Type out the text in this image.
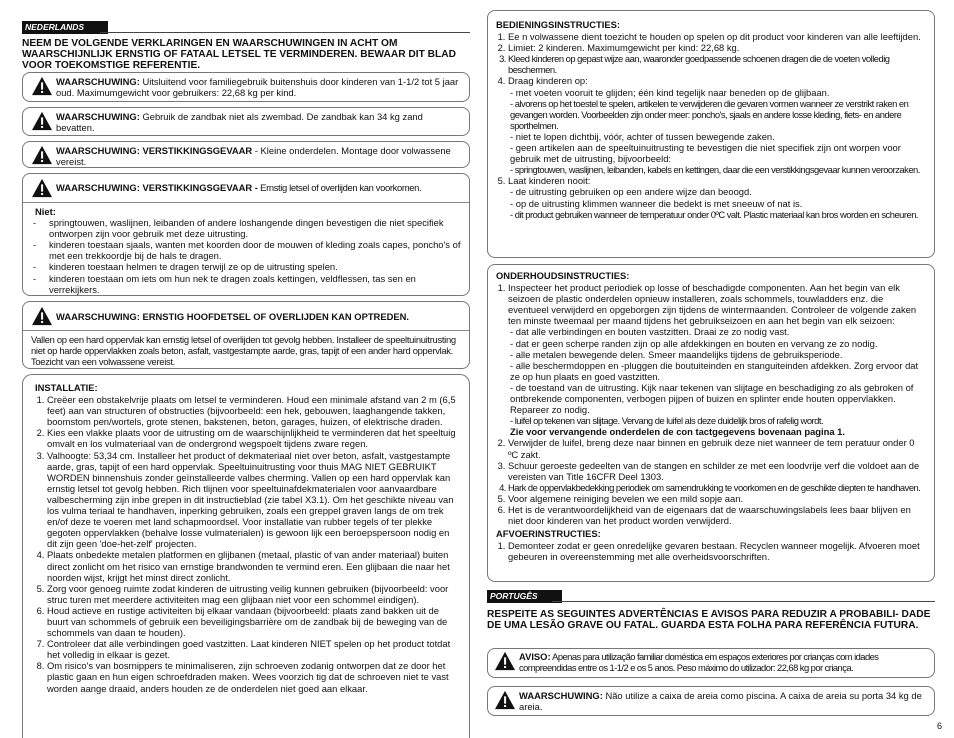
NEDERLANDS

NEEM DE VOLGENDE VERKLARINGEN EN WAARSCHUWINGEN IN ACHT OM WAARSCHIJNLIJK ERNSTIG OF FATAAL LETSEL TE VERMINDEREN. BEWAAR DIT BLAD VOOR TOEKOMSTIGE REFERENTIE.

WAARSCHUWING: Uitsluitend voor familiegebruik buitenshuis door kinderen van 1-1/2 tot 5 jaar oud. Maximumgewicht voor gebruikers: 22,68 kg per kind.
WAARSCHUWING: Gebruik de zandbak niet als zwembad. De zandbak kan 34 kg zand bevatten.
WAARSCHUWING: VERSTIKKINGSGEVAAR - Kleine onderdelen. Montage door volwassene vereist.
WAARSCHUWING: VERSTIKKINGSGEVAAR - Ernstig letsel of overlijden kan voorkomen.
Niet:
- springtouwen, waslijnen, leibanden of andere loshangende dingen bevestigen die niet specifiek ontworpen zijn voor gebruik met deze uitrusting.
- kinderen toestaan sjaals, wanten met koorden door de mouwen of kleding zoals capes, poncho's of met een trekkoordje bij de hals te dragen.
- kinderen toestaan helmen te dragen terwijl ze op de uitrusting spelen.
- kinderen toestaan om iets om hun nek te dragen zoals kettingen, veldflessen, tas sen en verrekijkers.
WAARSCHUWING: ERNSTIG HOOFDETSEL OF OVERLIJDEN KAN OPTREDEN.
Vallen op een hard oppervlak kan ernstig letsel of overlijden tot gevolg hebben. Installeer de speeltuinuitrusting niet op harde oppervlakken zoals beton, asfalt, vastgestampte aarde, gras, tapijt of een ander hard oppervlak. Toezicht van een volwassene vereist.
INSTALLATIE:
1. Creëer een obstakelvrije plaats om letsel te verminderen. Houd een minimale afstand van 2 m (6,5 feet) aan van structuren of obstructies (bijvoorbeeld: een hek, gebouwen, laaghangende takken, boomstom pen/wortels, grote stenen, bakstenen, beton, garages, huizen, of elektrische draden.
2. Kies een vlakke plaats voor de uitrusting om de waarschijnlijkheid te verminderen dat het speeltuig omvalt en los vulmateriaal van de ondergrond wegspoelt tijdens zware regen.
3. Valhoogte: 53,34 cm. Installeer het product of dekmateriaal niet over beton, asfalt, vastgestampte aarde, gras, tapijt of een hard oppervlak. Speeltuinuitrusting voor thuis MAG NIET GEBRUIKT WORDEN binnenshuis zonder geïnstalleerde valbes cherming. Vallen op een hard oppervlak kan ernstig letsel tot gevolg hebben. Rich tlijnen voor speeltuinafdekmaterialen voor aanvaardbare valbescherming zijn inbe grepen in dit instructieblad (zie tabel X3.1). Om het geschikte niveau van los vulma teriaal te handhaven, inperking gebruiken, zoals een greppel graven langs de om trek en/of deze te voeren met land schapmoordsel. Voor installatie van rubber tegels of ter plekke gegoten oppervlakken (behalve losse vulmaterialen) is gewoon lijk een beroepspersoon nodig en dit zijn geen 'doe-het-zelf' projecten.
4. Plaats onbedekte metalen platformen en glijbanen (metaal, plastic of van ander materiaal) buiten direct zonlicht om het risico van ernstige brandwonden te vermind eren. Een glijbaan die naar het noorden wijst, krijgt het minst direct zonlicht.
5. Zorg voor genoeg ruimte zodat kinderen de uitrusting veilig kunnen gebruiken (bijvoorbeeld: voor struc turen met meerdere activiteiten mag een glijbaan niet voor een schommel eindigen).
6. Houd actieve en rustige activiteiten bij elkaar vandaan (bijvoorbeeld: plaats zand bakken uit de buurt van schommels of gebruik een beveiligingsbarrière om de zandbak bij de beweging van de schommels van daan te houden).
7. Controleer dat alle verbindingen goed vastzitten. Laat kinderen NIET spelen op het product totdat het volledig in elkaar is gezet.
8. Om risico's van bosrnippers te minimaliseren, zijn schroeven zodanig ontworpen dat ze door het plastic gaan en hun eigen schroefdraden maken. Wees voorzich tig dat de schroeven niet te vast worden aange draaid, anders houden ze de onderdelen niet goed aan elkaar.
BEDIENINGSINSTRUCTIES:
1. Ee n volwassene dient toezicht te houden op spelen op dit product voor kinderen van alle leeftijden.
2. Limiet: 2 kinderen. Maximumgewicht per kind: 22,68 kg.
3. Kleed kinderen op gepast wijze aan, waaronder goedpassende schoenen dragen die de voeten volledig beschermen.
4. Draag kinderen op:
- met voeten vooruit te glijden; één kind tegelijk naar beneden op de glijbaan.
- alvorens op het toestel te spelen, artikelen te verwijderen die gevaren vormen wanneer ze verstrikt raken en gevangen worden. Voorbeelden zijn onder meer: poncho's, sjaals en andere losse kleding, fiets- en andere sporthelmen.
- niet te lopen dichtbij, vóór, achter of tussen bewegende zaken.
- geen artikelen aan de speeltuinuitrusting te bevestigen die niet specifiek zijn ont worpen voor gebruik met de uitrusting, bijvoorbeeld:
- springtouwen, waslijnen, leibanden, kabels en kettingen, daar die een verstikkingsgevaar kunnen veroorzaken.
5. Laat kinderen nooit:
- de uitrusting gebruiken op een andere wijze dan beoogd.
- op de uitrusting klimmen wanneer die bedekt is met sneeuw of nat is.
- dit product gebruiken wanneer de temperatuur onder 0ºC valt. Plastic materiaal kan bros worden en scheuren.
ONDERHOUDSINSTRUCTIES:
1. Inspecteer het product periodiek op losse of beschadigde componenten. Aan het begin van elk seizoen de plastic onderdelen opnieuw installeren, zoals schommels, touwladders enz. die eventueel verwijderd en opgeborgen zijn tijdens de wintermaanden. Controleer de volgende zaken ten minste tweemaal per maand tijdens het gebruikseizoen en aan het begin van elk seizoen:
- dat alle verbindingen en bouten vastzitten. Draai ze zo nodig vast.
- dat er geen scherpe randen zijn op alle afdekkingen en bouten en vervang ze zo nodig.
- alle metalen bewegende delen. Smeer maandelijks tijdens de gebruiksperiode.
- alle beschermdoppen en -pluggen die boutuiteinden en stanguiteinden afdekken. Zorg ervoor dat ze op hun plaats en goed vastzitten.
- de toestand van de uitrusting. Kijk naar tekenen van slijtage en beschadiging zo als gebroken of ontbrekende componenten, verbogen pijpen of buizen en splinter ende houten oppervlakken. Repareer zo nodig.
- luifel op tekenen van slijtage. Vervang de luifel als deze duidelijk bros of rafelig wordt.
Zie voor vervangende onderdelen de con tactgegevens bovenaan pagina 1.
2. Verwijder de luifel, breng deze naar binnen en gebruik deze niet wanneer de tem peratuur onder 0 ºC zakt.
3. Schuur geroeste gedeelten van de stangen en schilder ze met een loodvrije verf die voldoet aan de vereisten van Title 16CFR Deel 1303.
4. Hark de oppervlakbedekking periodiek om samendrukking te voorkomen en de geschikte diepten te handhaven.
5. Voor algemene reiniging bevelen we een mild sopje aan.
6. Het is de verantwoordelijkheid van de eigenaars dat de waarschuwingslabels lees baar blijven en niet door kinderen van het product worden verwijderd.
AFVOERINSTRUCTIES:
1. Demonteer zodat er geen onredelijke gevaren bestaan. Recyclen wanneer mogelijk. Afvoeren moet gebeuren in overeenstemming met alle overheidsvoorschriften.
PORTUGÊS

RESPEITE AS SEGUINTES ADVERTÊNCIAS E AVISOS PARA REDUZIR A PROBABILI- DADE DE UMA LESÃO GRAVE OU FATAL. GUARDA ESTA FOLHA PARA REFERÊNCIA FUTURA.

AVISO: Apenas para utilização familiar doméstica em espaços exteriores por crianças com idades compreendidas entre os 1-1/2 e os 5 anos. Peso máximo do utilizador: 22,68 kg por criança.
WAARSCHUWING: Não utilize a caixa de areia como piscina. A caixa de areia su porta 34 kg de areia.
6
